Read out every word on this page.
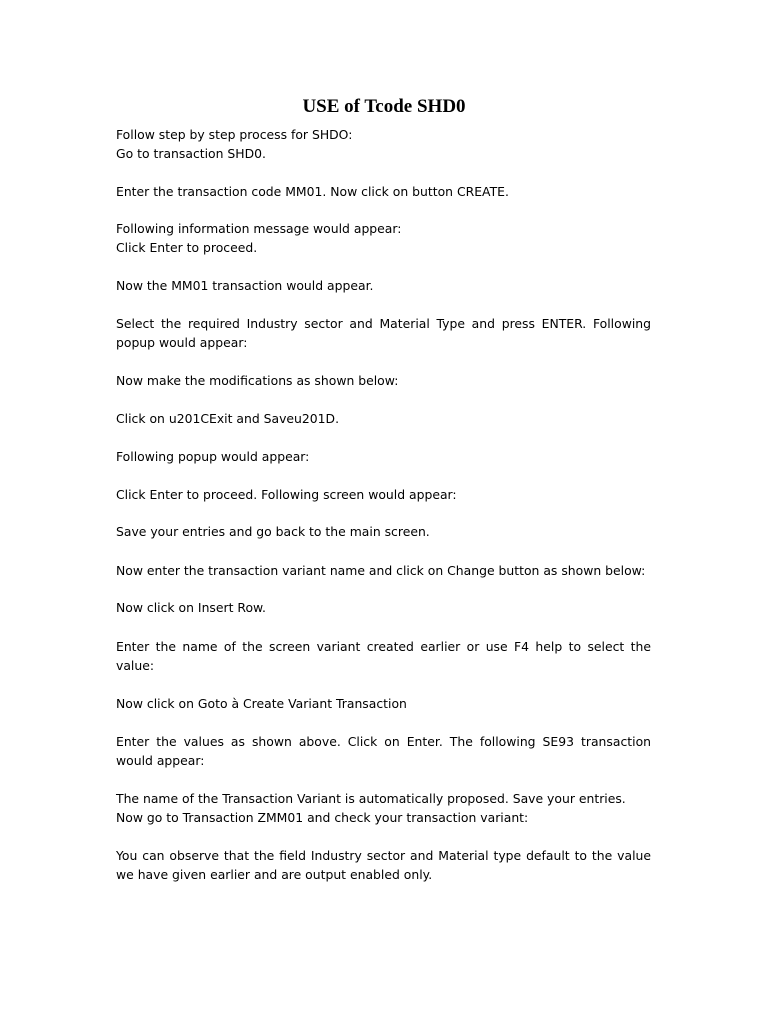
USE of Tcode SHD0

Follow step by step process for SHDO:

Go to transaction SHD0.

Enter the transaction code MM01. Now click on button CREATE.

Following information message would appear:

Click Enter to proceed.

Now the MM01 transaction would appear.

Select the required Industry sector and Material Type and press ENTER. Following

popup would appear:

Now make the modifications as shown below:

Click on u201CExit and Saveu201D.

Following popup would appear:

Click Enter to proceed. Following screen would appear:

Save your entries and go back to the main screen.

Now enter the transaction variant name and click on Change button as shown below:

Now click on Insert Row.

Enter the name of the screen variant created earlier or use F4 help to select the

value:

Now click on Goto à Create Variant Transaction

Enter the values as shown above. Click on Enter. The following SE93 transaction

would appear:

The name of the Transaction Variant is automatically proposed. Save your entries.

Now go to Transaction ZMM01 and check your transaction variant:

You can observe that the field Industry sector and Material type default to the value

we have given earlier and are output enabled only.
